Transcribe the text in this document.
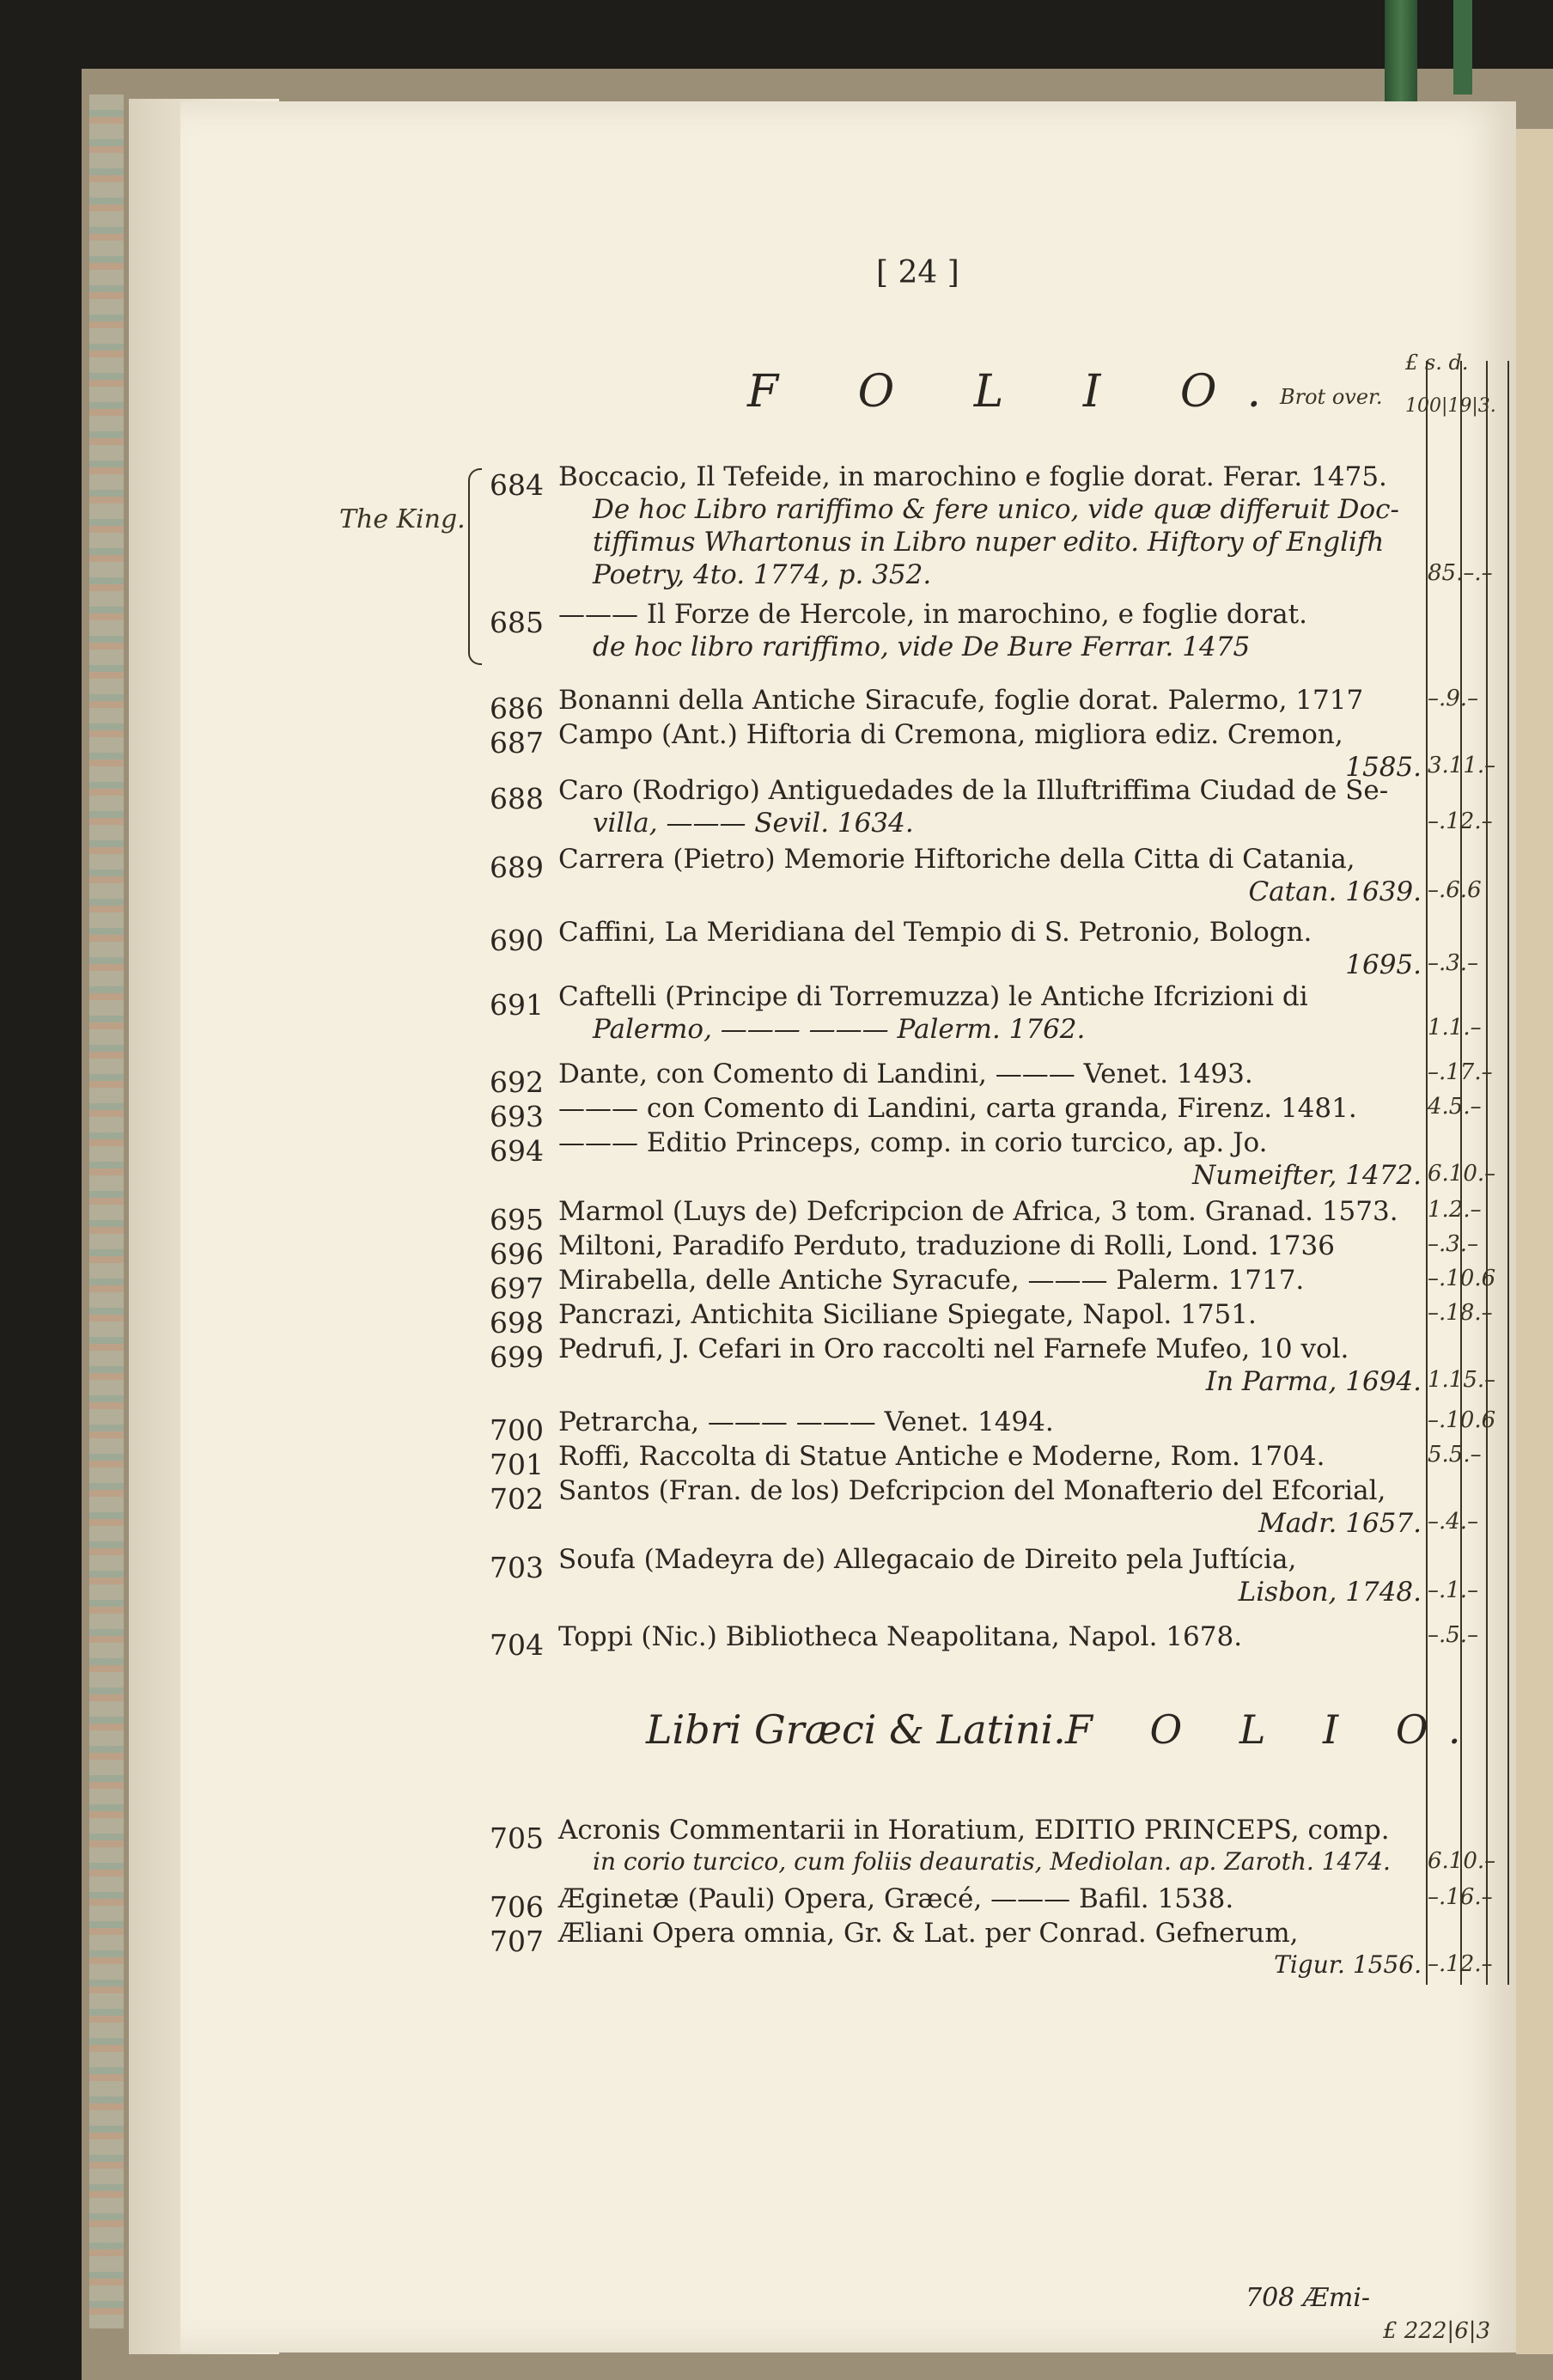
[ 24 ]
F O L I O.
Brot over.
£ s. d.
100|19|3.
The King.
684 Boccacio, Il Tefeide, in marochino e foglie dorat. Ferar. 1475.
De hoc Libro rariffimo & fere unico, vide quæ differuit Doc-
tiffimus Whartonus in Libro nuper edito. Hiftory of Englifh
Poetry, 4to. 1774, p. 352.	85.–.–
685 ——— Il Forze de Hercole, in marochino, e foglie dorat.
de hoc libro rariffimo, vide De Bure Ferrar. 1475
686 Bonanni della Antiche Siracufe, foglie dorat. Palermo, 1717	–.9.–
687 Campo (Ant.) Hiftoria di Cremona, migliora ediz. Cremon,
1585. 3.11.–
688 Caro (Rodrigo) Antiguedades de la Illuftriffima Ciudad de Se-
villa, ——— Sevil. 1634.	–.12.–
689 Carrera (Pietro) Memorie Hiftoriche della Citta di Catania,
Catan. 1639. –.6.6
690 Caffini, La Meridiana del Tempio di S. Petronio, Bologn.
1695. –.3.–
691 Caftelli (Principe di Torremuzza) le Antiche Ifcrizioni di
Palermo, ——— ——— Palerm. 1762.	1.1.–
692 Dante, con Comento di Landini, ——— Venet. 1493.	–.17.–
693 ——— con Comento di Landini, carta granda, Firenz. 1481.	4.5.–
694 ——— Editio Princeps, comp. in corio turcico, ap. Jo.
Numeifter, 1472. 6.10.–
695 Marmol (Luys de) Defcripcion de Africa, 3 tom. Granad. 1573. 1.2.–
696 Miltoni, Paradifo Perduto, traduzione di Rolli, Lond. 1736	–.3.–
697 Mirabella, delle Antiche Syracufe, ——— Palerm. 1717.	–.10.6
698 Pancrazi, Antichita Siciliane Spiegate, Napol. 1751.	–.18.–
699 Pedrufi, J. Cefari in Oro raccolti nel Farnefe Mufeo, 10 vol.
In Parma, 1694. 1.15.–
700 Petrarcha, ——— ——— Venet. 1494.	–.10.6
701 Roffi, Raccolta di Statue Antiche e Moderne, Rom. 1704.	5.5.–
702 Santos (Fran. de los) Defcripcion del Monafterio del Efcorial,
Madr. 1657. –.4.–
703 Soufa (Madeyra de) Allegacaio de Direito pela Juftícia,
Lisbon, 1748. –.1.–
704 Toppi (Nic.) Bibliotheca Neapolitana, Napol. 1678.	–.5.–
705 Acronis Commentarii in Horatium, EDITIO PRINCEPS, comp.
in corio turcico, cum foliis deauratis, Mediolan. ap. Zaroth. 1474. 6.10.–
706 Æginetæ (Pauli) Opera, Græcé, ——— Bafil. 1538.	–.16.–
707 Æliani Opera omnia, Gr. & Lat. per Conrad. Gefnerum,
Tigur. 1556. –.12.–
Libri Græci & Latini. F O L I O.
708 Æmi-
£ 222|6|3
